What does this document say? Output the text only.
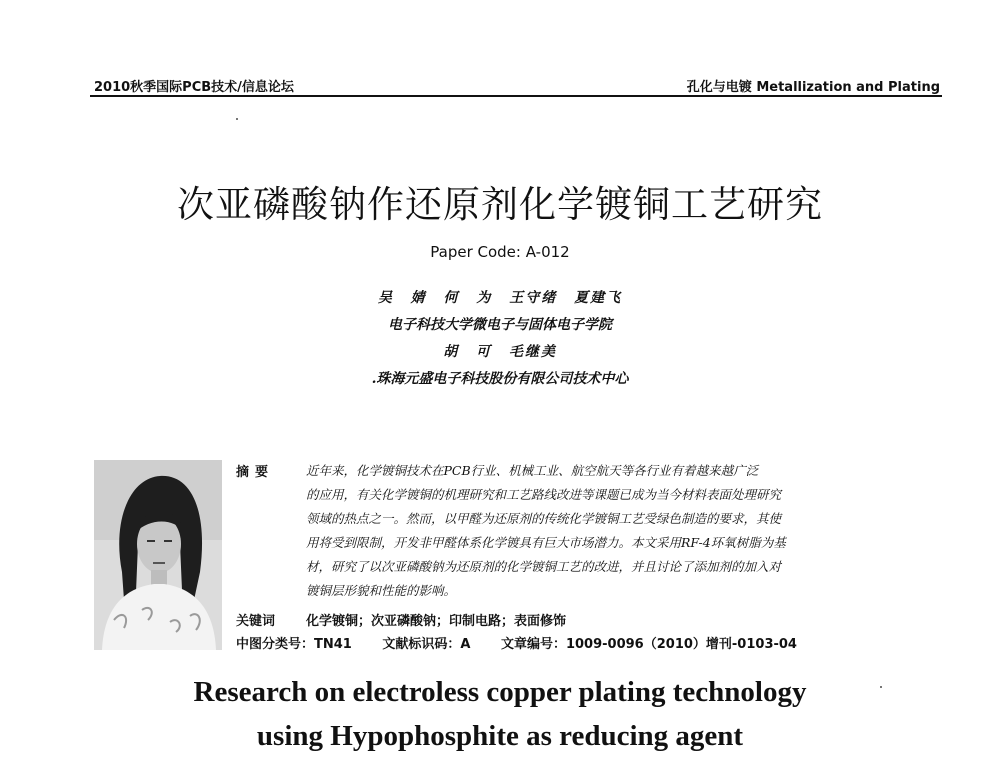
2010秋季国际PCB技术/信息论坛	孔化与电镀 Metallization and Plating
次亚磷酸钠作还原剂化学镀铜工艺研究
Paper Code: A-012
吴 婧 何 为 王守绪 夏建飞
电子科技大学微电子与固体电子学院
胡 可 毛继美
.珠海元盛电子科技股份有限公司技术中心
摘要	近年来，化学镀铜技术在PCB行业、机械工业、航空航天等各行业有着越来越广泛
的应用，有关化学镀铜的机理研究和工艺路线改进等课题已成为当今材料表面处理研究
领域的热点之一。然而，以甲醛为还原剂的传统化学镀铜工艺受绿色制造的要求，其使
用将受到限制，开发非甲醛体系化学镀具有巨大市场潜力。本文采用RF-4环氧树脂为基
材，研究了以次亚磷酸钠为还原剂的化学镀铜工艺的改进，并且讨论了添加剂的加入对
镀铜层形貌和性能的影响。
关键词 化学镀铜；次亚磷酸钠；印制电路；表面修饰
中图分类号：TN41 文献标识码：A 文章编号：1009-0096（2010）增刊-0103-04
Research on electroless copper plating technology
using Hypophosphite as reducing agent
